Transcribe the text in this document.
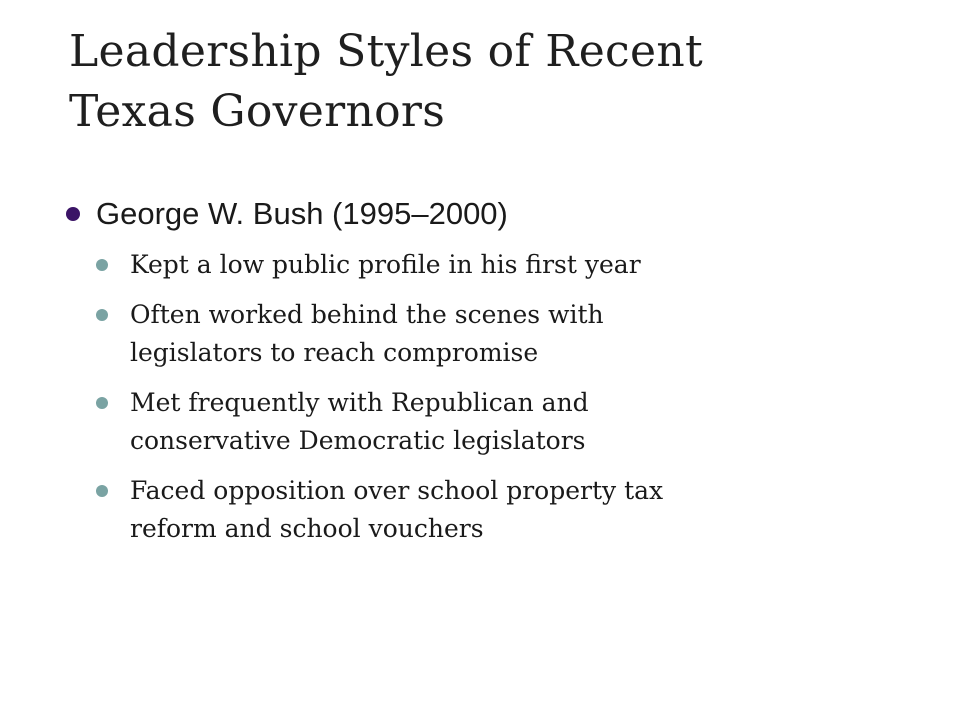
Leadership Styles of Recent
Texas Governors
George W. Bush (1995–2000)
Kept a low public profile in his first year
Often worked behind the scenes with
legislators to reach compromise
Met frequently with Republican and
conservative Democratic legislators
Faced opposition over school property tax
reform and school vouchers
